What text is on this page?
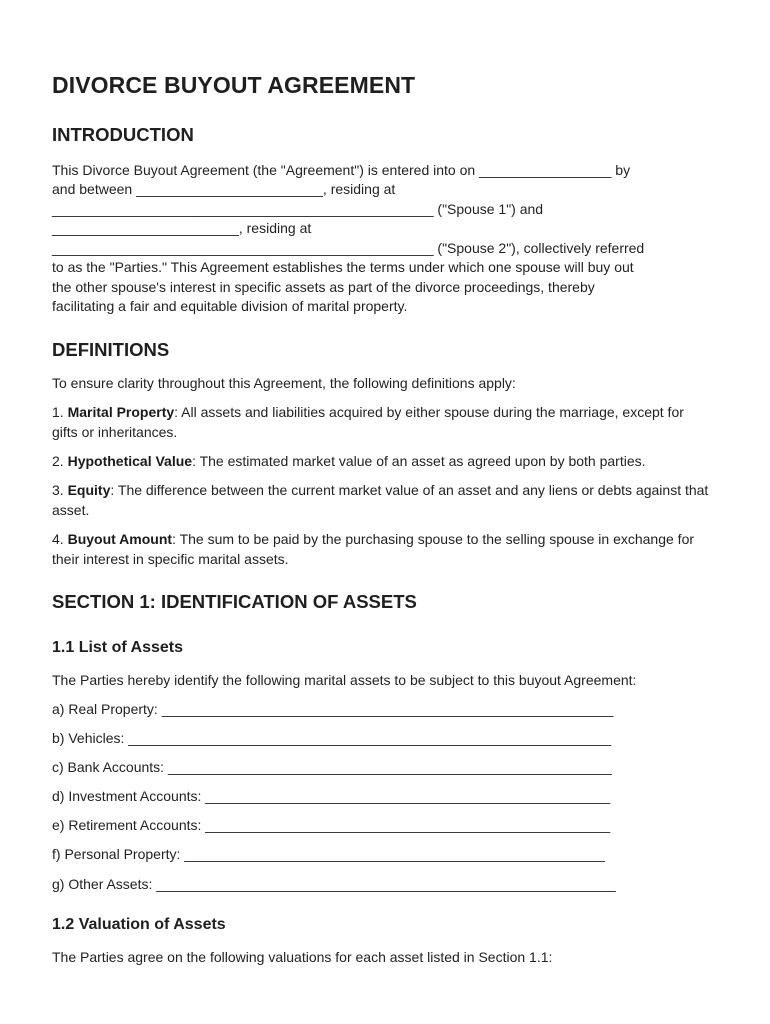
DIVORCE BUYOUT AGREEMENT
INTRODUCTION

This Divorce Buyout Agreement (the "Agreement") is entered into on _________________ by

and between ________________________, residing at

_________________________________________________ ("Spouse 1") and

________________________, residing at

_________________________________________________ ("Spouse 2"), collectively referred

to as the "Parties." This Agreement establishes the terms under which one spouse will buy out

the other spouse's interest in specific assets as part of the divorce proceedings, thereby

facilitating a fair and equitable division of marital property.

DEFINITIONS

To ensure clarity throughout this Agreement, the following definitions apply:

1. Marital Property: All assets and liabilities acquired by either spouse during the marriage, except for gifts or inheritances.

2. Hypothetical Value: The estimated market value of an asset as agreed upon by both parties.

3. Equity: The difference between the current market value of an asset and any liens or debts against that asset.

4. Buyout Amount: The sum to be paid by the purchasing spouse to the selling spouse in exchange for their interest in specific marital assets.

SECTION 1: IDENTIFICATION OF ASSETS
1.1 List of Assets

The Parties hereby identify the following marital assets to be subject to this buyout Agreement:

a) Real Property: __________________________________________________________

b) Vehicles: ______________________________________________________________

c) Bank Accounts: _________________________________________________________

d) Investment Accounts: ____________________________________________________

e) Retirement Accounts: ____________________________________________________

f) Personal Property: ______________________________________________________

g) Other Assets: ___________________________________________________________

1.2 Valuation of Assets

The Parties agree on the following valuations for each asset listed in Section 1.1:
